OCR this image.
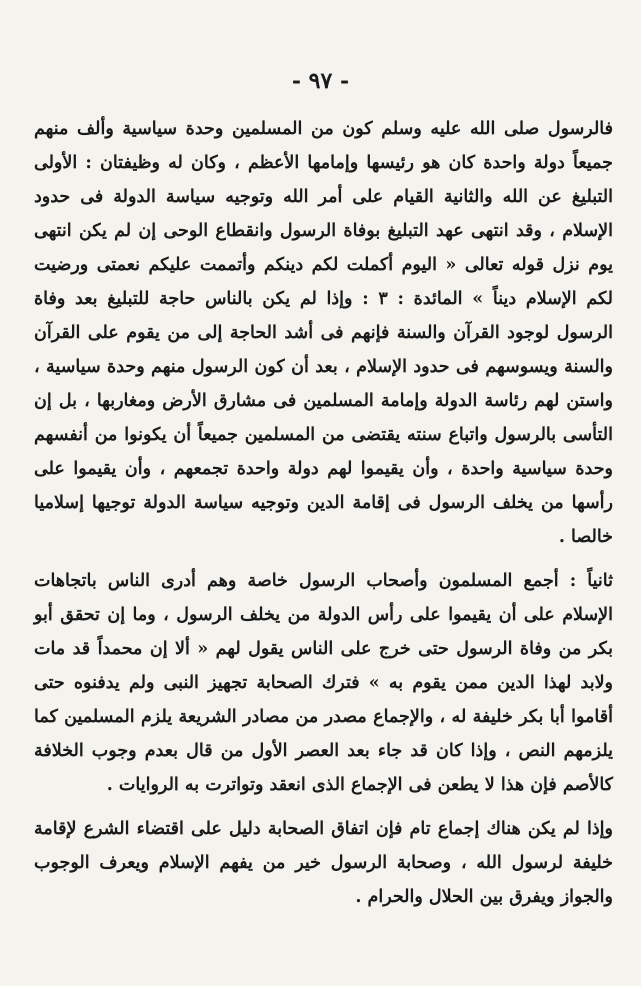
- ٩٧ -

فالرسول صلى الله عليه وسلم كون من المسلمين وحدة سياسية وألف منهم جميعاً دولة واحدة كان هو رئيسها وإمامها الأعظم ، وكان له وظيفتان : الأولى التبليغ عن الله والثانية القيام على أمر الله وتوجيه سياسة الدولة فى حدود الإسلام ، وقد انتهى عهد التبليغ بوفاة الرسول وانقطاع الوحى إن لم يكن انتهى يوم نزل قوله تعالى « اليوم أكملت لكم دينكم وأتممت عليكم نعمتى ورضيت لكم الإسلام ديناً » المائدة : ٣ : وإذا لم يكن بالناس حاجة للتبليغ بعد وفاة الرسول لوجود القرآن والسنة فإنهم فى أشد الحاجة إلى من يقوم على القرآن والسنة ويسوسهم فى حدود الإسلام ، بعد أن كون الرسول منهم وحدة سياسية ، واستن لهم رئاسة الدولة وإمامة المسلمين فى مشارق الأرض ومغاربها ، بل إن التأسى بالرسول واتباع سنته يقتضى من المسلمين جميعاً أن يكونوا من أنفسهم وحدة سياسية واحدة ، وأن يقيموا لهم دولة واحدة تجمعهم ، وأن يقيموا على رأسها من يخلف الرسول فى إقامة الدين وتوجيه سياسة الدولة توجيها إسلاميا خالصا .

ثانياً : أجمع المسلمون وأصحاب الرسول خاصة وهم أدرى الناس باتجاهات الإسلام على أن يقيموا على رأس الدولة من يخلف الرسول ، وما إن تحقق أبو بكر من وفاة الرسول حتى خرج على الناس يقول لهم « ألا إن محمداً قد مات ولابد لهذا الدين ممن يقوم به » فترك الصحابة تجهيز النبى ولم يدفنوه حتى أقاموا أبا بكر خليفة له ، والإجماع مصدر من مصادر الشريعة يلزم المسلمين كما يلزمهم النص ، وإذا كان قد جاء بعد العصر الأول من قال بعدم وجوب الخلافة كالأصم فإن هذا لا يطعن فى الإجماع الذى انعقد وتواترت به الروايات .

وإذا لم يكن هناك إجماع تام فإن اتفاق الصحابة دليل على اقتضاء الشرع لإقامة خليفة لرسول الله ، وصحابة الرسول خير من يفهم الإسلام ويعرف الوجوب والجواز ويفرق بين الحلال والحرام .
